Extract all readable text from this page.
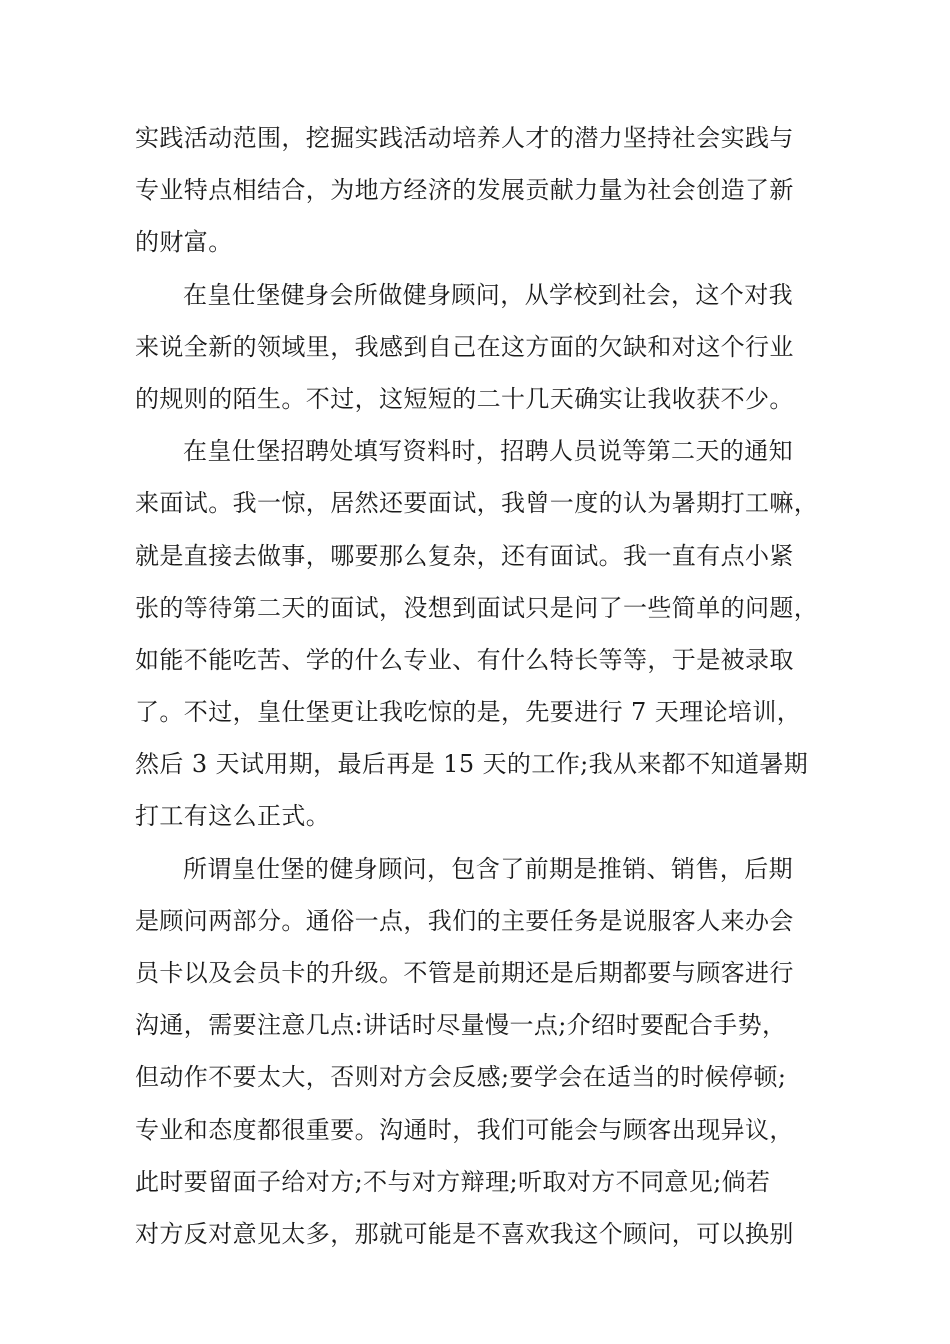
实践活动范围，挖掘实践活动培养人才的潜力坚持社会实践与
专业特点相结合，为地方经济的发展贡献力量为社会创造了新
的财富。
在皇仕堡健身会所做健身顾问，从学校到社会，这个对我
来说全新的领域里，我感到自己在这方面的欠缺和对这个行业
的规则的陌生。不过，这短短的二十几天确实让我收获不少。
在皇仕堡招聘处填写资料时，招聘人员说等第二天的通知
来面试。我一惊，居然还要面试，我曾一度的认为暑期打工嘛，
就是直接去做事，哪要那么复杂，还有面试。我一直有点小紧
张的等待第二天的面试，没想到面试只是问了一些简单的问题，
如能不能吃苦、学的什么专业、有什么特长等等，于是被录取
了。不过，皇仕堡更让我吃惊的是，先要进行 7 天理论培训，
然后 3 天试用期，最后再是 15 天的工作;我从来都不知道暑期
打工有这么正式。
所谓皇仕堡的健身顾问，包含了前期是推销、销售，后期
是顾问两部分。通俗一点，我们的主要任务是说服客人来办会
员卡以及会员卡的升级。不管是前期还是后期都要与顾客进行
沟通，需要注意几点:讲话时尽量慢一点;介绍时要配合手势，
但动作不要太大，否则对方会反感;要学会在适当的时候停顿;
专业和态度都很重要。沟通时，我们可能会与顾客出现异议，
此时要留面子给对方;不与对方辩理;听取对方不同意见;倘若
对方反对意见太多，那就可能是不喜欢我这个顾问，可以换别
